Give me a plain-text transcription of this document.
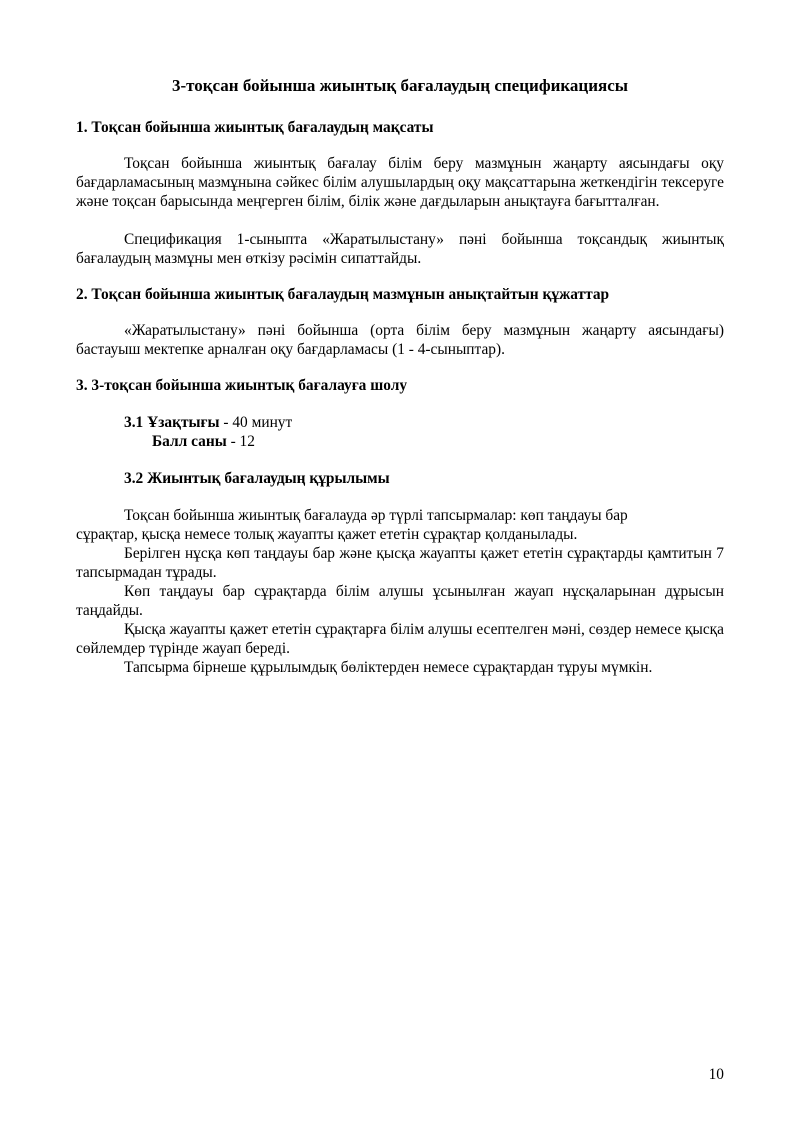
3-тоқсан бойынша жиынтық бағалаудың спецификациясы
1. Тоқсан бойынша жиынтық бағалаудың мақсаты

Тоқсан бойынша жиынтық бағалау білім беру мазмұнын жаңарту аясындағы оқу бағдарламасының мазмұнына сәйкес білім алушылардың оқу мақсаттарына жеткендігін тексеруге және тоқсан барысында меңгерген білім, білік және дағдыларын анықтауға бағытталған.

Спецификация 1-сыныпта «Жаратылыстану» пәні бойынша тоқсандық жиынтық бағалаудың мазмұны мен өткізу рәсімін сипаттайды.

2. Тоқсан бойынша жиынтық бағалаудың мазмұнын анықтайтын құжаттар

«Жаратылыстану» пәні бойынша (орта білім беру мазмұнын жаңарту аясындағы) бастауыш мектепке арналған оқу бағдарламасы (1 - 4-сыныптар).

3. 3-тоқсан бойынша жиынтық бағалауға шолу
3.1 Ұзақтығы - 40 минут
Балл саны - 12
3.2 Жиынтық бағалаудың құрылымы

Тоқсан бойынша жиынтық бағалауда әр түрлі тапсырмалар: көп таңдауы бар

сұрақтар, қысқа немесе толық жауапты қажет ететін сұрақтар қолданылады.

Берілген нұсқа көп таңдауы бар және қысқа жауапты қажет ететін сұрақтарды қамтитын 7 тапсырмадан тұрады.

Көп таңдауы бар сұрақтарда білім алушы ұсынылған жауап нұсқаларынан дұрысын таңдайды.

Қысқа жауапты қажет ететін сұрақтарға білім алушы есептелген мәні, сөздер немесе қысқа сөйлемдер түрінде жауап береді.

Тапсырма бірнеше құрылымдық бөліктерден немесе сұрақтардан тұруы мүмкін.

10
